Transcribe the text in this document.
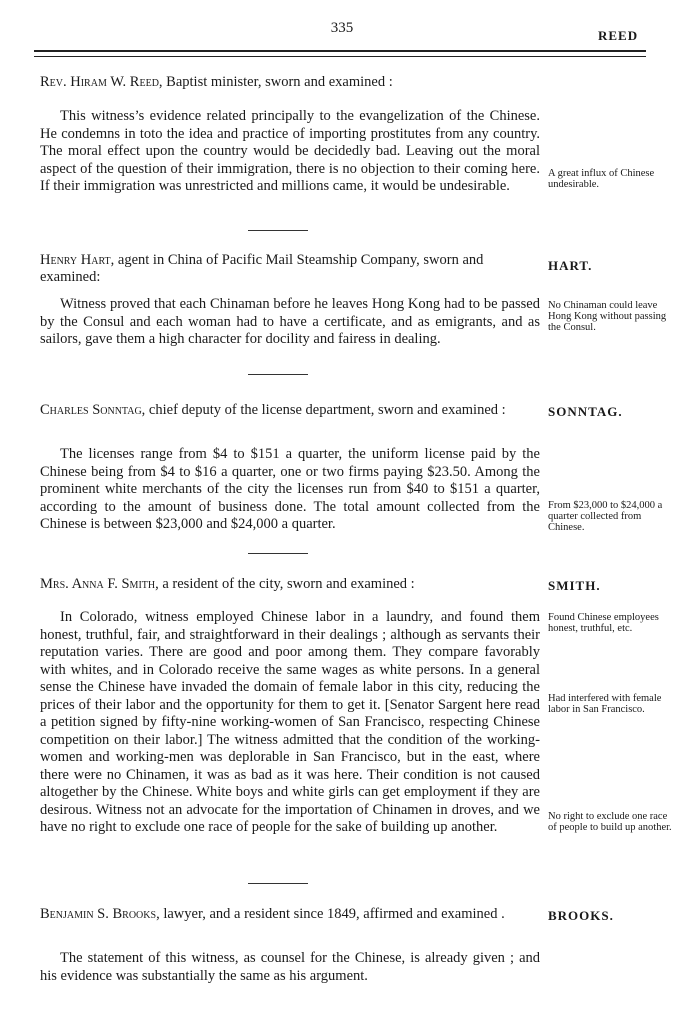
335	REED
Rev. Hiram W. Reed, Baptist minister, sworn and examined :

This witness’s evidence related principally to the evangelization of the Chinese. He condemns in toto the idea and practice of importing prostitutes from any country. The moral effect upon the country would be decidedly bad. Leaving out the moral aspect of the question of their immigration, there is no objection to their coming here. If their immigration was unrestricted and millions came, it would be undesirable.

A great influx of Chinese undesirable.
Henry Hart, agent in China of Pacific Mail Steamship Company, sworn and examined:
HART.

Witness proved that each Chinaman before he leaves Hong Kong had to be passed by the Consul and each woman had to have a certificate, and as emigrants, and as sailors, gave them a high character for docility and fairess in dealing.

No Chinaman could leave Hong Kong without passing the Consul.
Charles Sonntag, chief deputy of the license department, sworn and examined :	SONNTAG.

The licenses range from $4 to $151 a quarter, the uniform license paid by the Chinese being from $4 to $16 a quarter, one or two firms paying $23.50. Among the prominent white merchants of the city the licenses run from $40 to $151 a quarter, according to the amount of business done. The total amount collected from the Chinese is between $23,000 and $24,000 a quarter.

From $23,000 to $24,000 a quarter collected from Chinese.
Mrs. Anna F. Smith, a resident of the city, sworn and examined :	SMITH.

In Colorado, witness employed Chinese labor in a laundry, and found them honest, truthful, fair, and straightforward in their dealings ; although as servants their reputation varies. There are good and poor among them. They compare favorably with whites, and in Colorado receive the same wages as white persons. In a general sense the Chinese have invaded the domain of female labor in this city, reducing the prices of their labor and the opportunity for them to get it. [Senator Sargent here read a petition signed by fifty-nine working-women of San Francisco, respecting Chinese competition on their labor.] The witness admitted that the condition of the working-women and working-men was deplorable in San Francisco, but in the east, where there were no Chinamen, it was as bad as it was here. Their condition is not caused altogether by the Chinese. White boys and white girls can get employment if they are desirous. Witness not an advocate for the importation of Chinamen in droves, and we have no right to exclude one race of people for the sake of building up another.

Found Chinese employees honest, truthful, etc.
Had interfered with female labor in San Francisco.
No right to exclude one race of people to build up another.
Benjamin S. Brooks, lawyer, and a resident since 1849, affirmed and examined .	BROOKS.

The statement of this witness, as counsel for the Chinese, is already given ; and his evidence was substantially the same as his argument.
